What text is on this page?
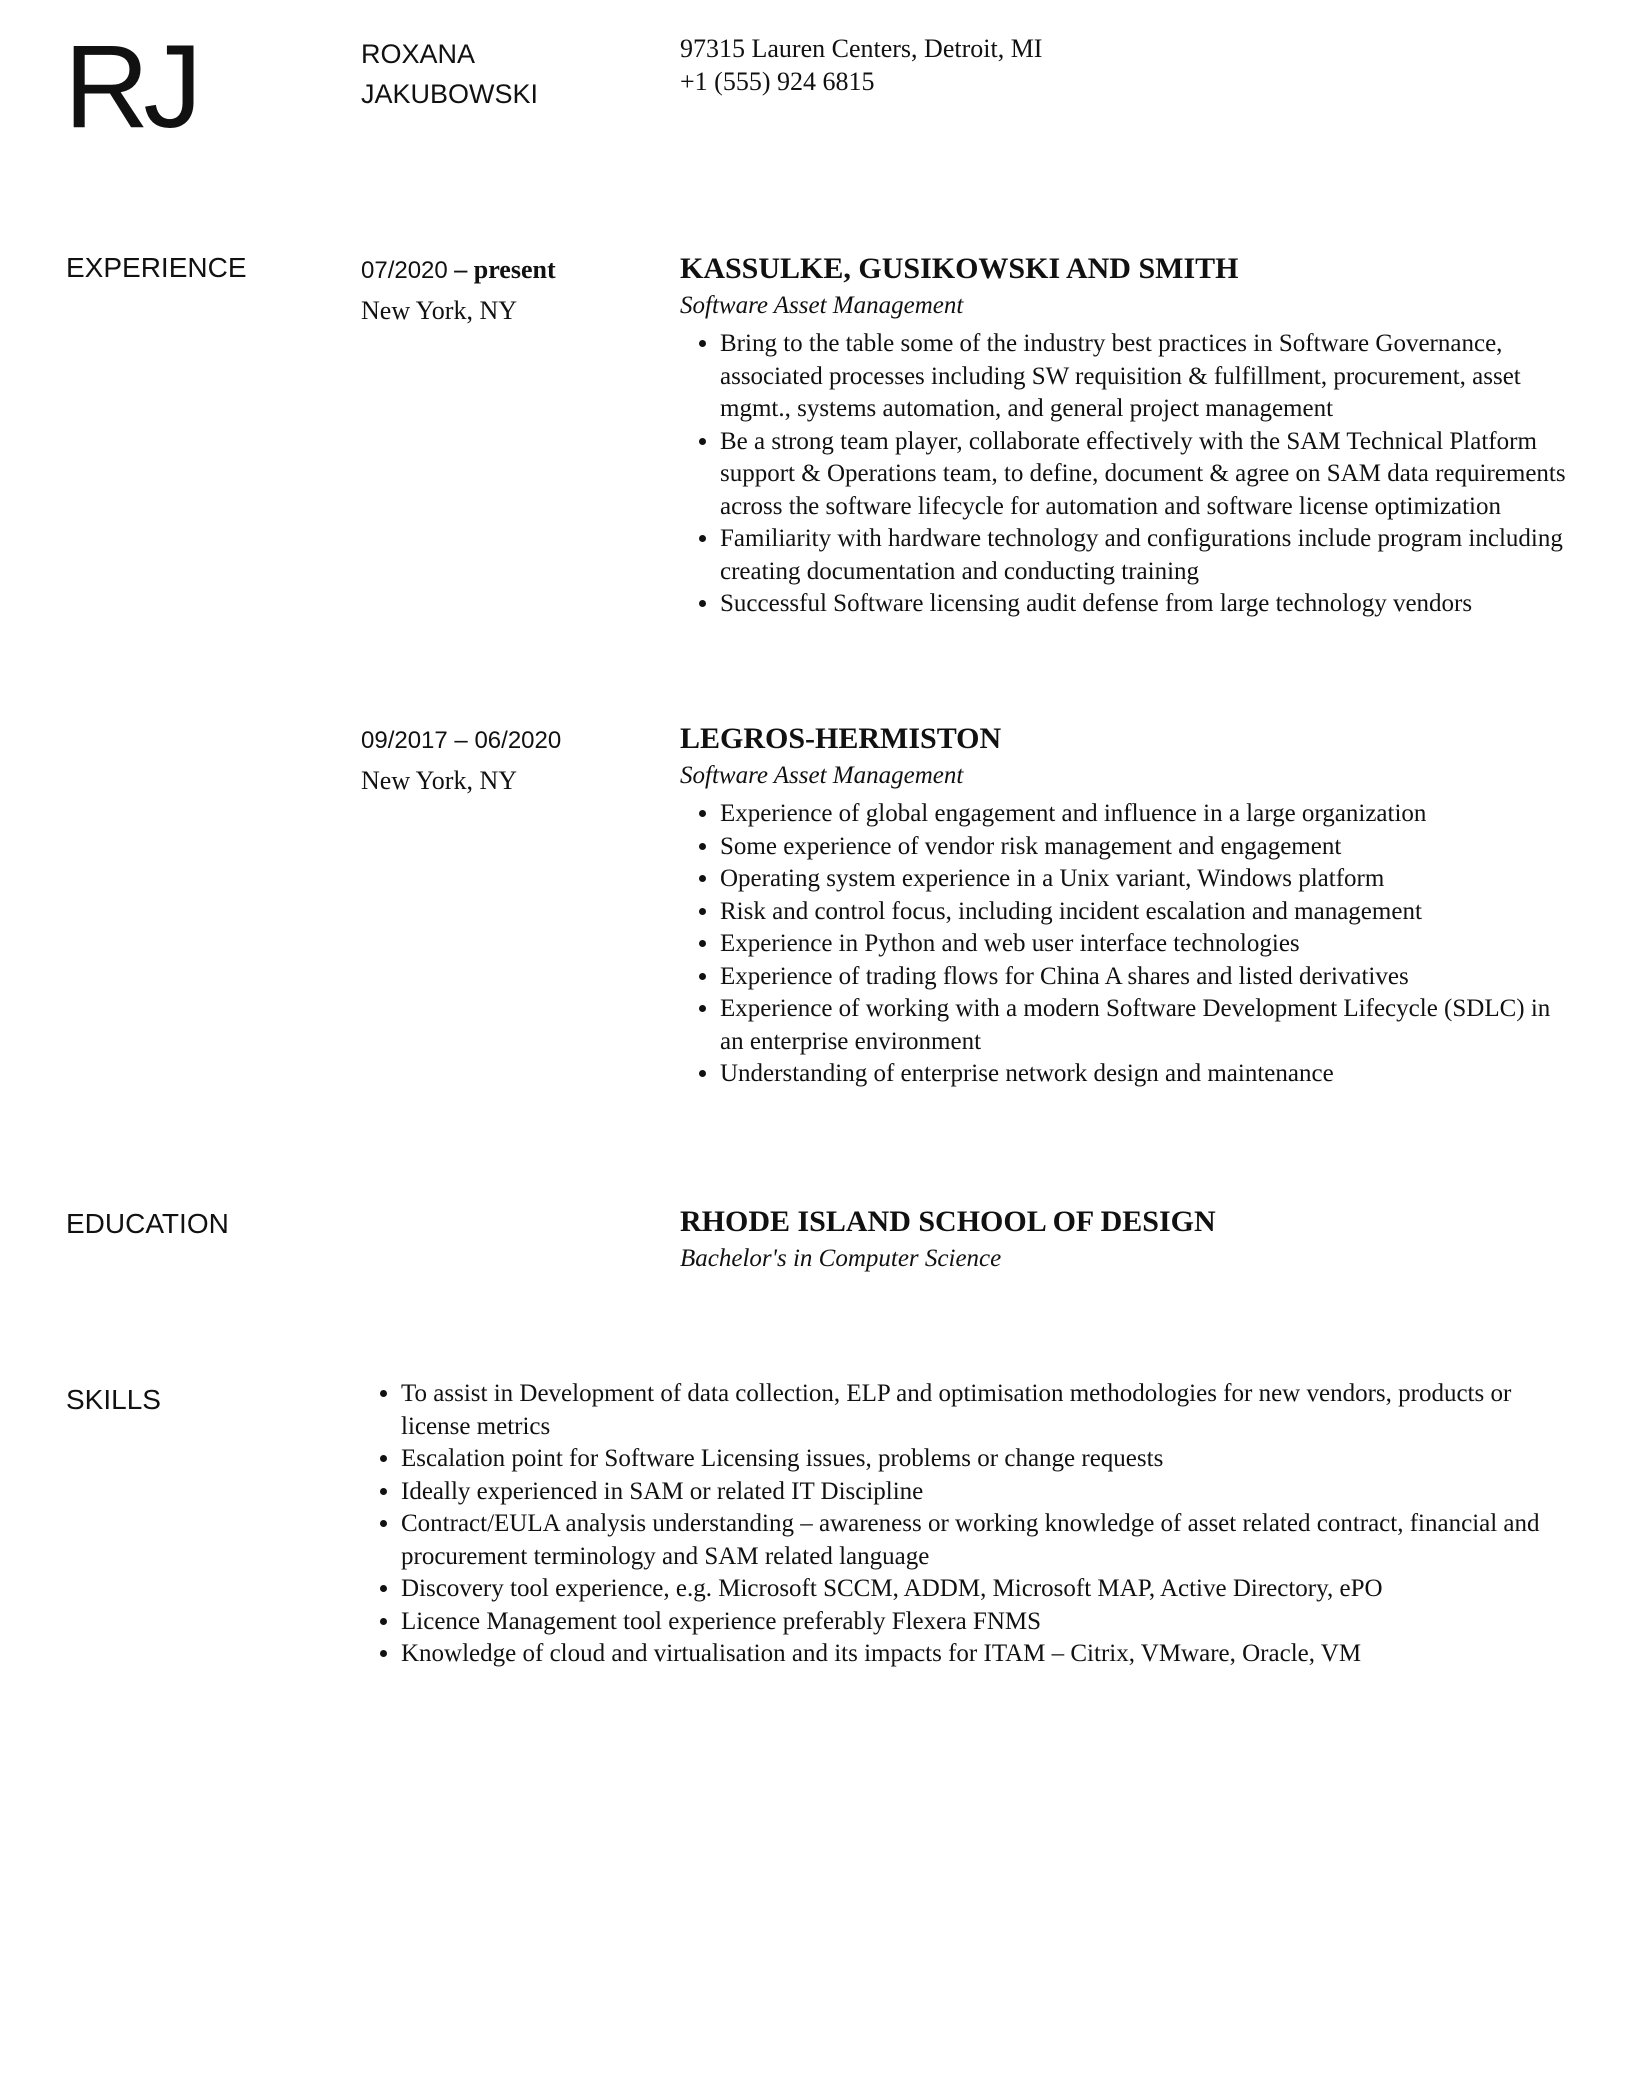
RJ	ROXANA
JAKUBOWSKI
97315 Lauren Centers, Detroit, MI
+1 (555) 924 6815
EXPERIENCE	07/2020 – present
New York, NY
KASSULKE, GUSIKOWSKI AND SMITH
Software Asset Management
• Bring to the table some of the industry best practices in Software Governance, associated processes including SW requisition & fulfillment, procurement, asset mgmt., systems automation, and general project management
• Be a strong team player, collaborate effectively with the SAM Technical Platform support & Operations team, to define, document & agree on SAM data requirements across the software lifecycle for automation and software license optimization
• Familiarity with hardware technology and configurations include program including creating documentation and conducting training
• Successful Software licensing audit defense from large technology vendors
09/2017 – 06/2020
New York, NY
LEGROS-HERMISTON
Software Asset Management
• Experience of global engagement and influence in a large organization
• Some experience of vendor risk management and engagement
• Operating system experience in a Unix variant, Windows platform
• Risk and control focus, including incident escalation and management
• Experience in Python and web user interface technologies
• Experience of trading flows for China A shares and listed derivatives
• Experience of working with a modern Software Development Lifecycle (SDLC) in an enterprise environment
• Understanding of enterprise network design and maintenance
EDUCATION	RHODE ISLAND SCHOOL OF DESIGN
Bachelor's in Computer Science
SKILLS
•	To assist in Development of data collection, ELP and optimisation methodologies for new vendors, products or license metrics
• Escalation point for Software Licensing issues, problems or change requests
• Ideally experienced in SAM or related IT Discipline
• Contract/EULA analysis understanding – awareness or working knowledge of asset related contract, financial and procurement terminology and SAM related language
• Discovery tool experience, e.g. Microsoft SCCM, ADDM, Microsoft MAP, Active Directory, ePO
• Licence Management tool experience preferably Flexera FNMS
• Knowledge of cloud and virtualisation and its impacts for ITAM – Citrix, VMware, Oracle, VM
